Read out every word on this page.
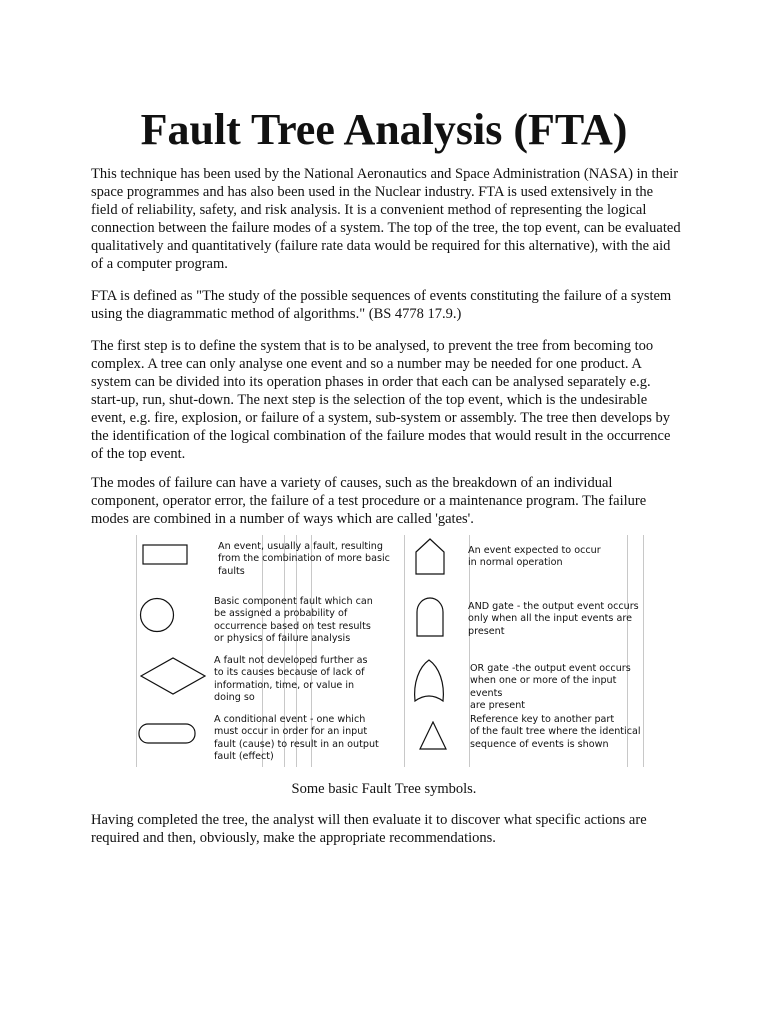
Fault Tree Analysis (FTA)

This technique has been used by the National Aeronautics and Space Administration (NASA) in their space programmes and has also been used in the Nuclear industry. FTA is used extensively in the field of reliability, safety, and risk analysis. It is a convenient method of representing the logical connection between the failure modes of a system. The top of the tree, the top event, can be evaluated qualitatively and quantitatively (failure rate data would be required for this alternative), with the aid of a computer program.

FTA is defined as "The study of the possible sequences of events constituting the failure of a system using the diagrammatic method of algorithms." (BS 4778 17.9.)

The first step is to define the system that is to be analysed, to prevent the tree from becoming too complex. A tree can only analyse one event and so a number may be needed for one product. A system can be divided into its operation phases in order that each can be analysed separately e.g. start-up, run, shut-down. The next step is the selection of the top event, which is the undesirable event, e.g. fire, explosion, or failure of a system, sub-system or assembly. The tree then develops by the identification of the logical combination of the failure modes that would result in the occurrence of the top event.

The modes of failure can have a variety of causes, such as the breakdown of an individual component, operator error, the failure of a test procedure or a maintenance program. The failure modes are combined in a number of ways which are called 'gates'.

An event, usually a fault, resulting
from the combination of more basic
faults
Basic component fault which can
be assigned a probability of
occurrence based on test results
or physics of failure analysis
A fault not developed further as
to its causes because of lack of
information, time, or value in
doing so
A conditional event - one which
must occur in order for an input
fault (cause) to result in an output
fault (effect)
An event expected to occur
in normal operation
AND gate - the output event occurs
only when all the input events are
present
OR gate -the output event occurs
when one or more of the input events
are present
Reference key to another part
of the fault tree where the identical
sequence of events is shown
Some basic Fault Tree symbols.

Having completed the tree, the analyst will then evaluate it to discover what specific actions are required and then, obviously, make the appropriate recommendations.
